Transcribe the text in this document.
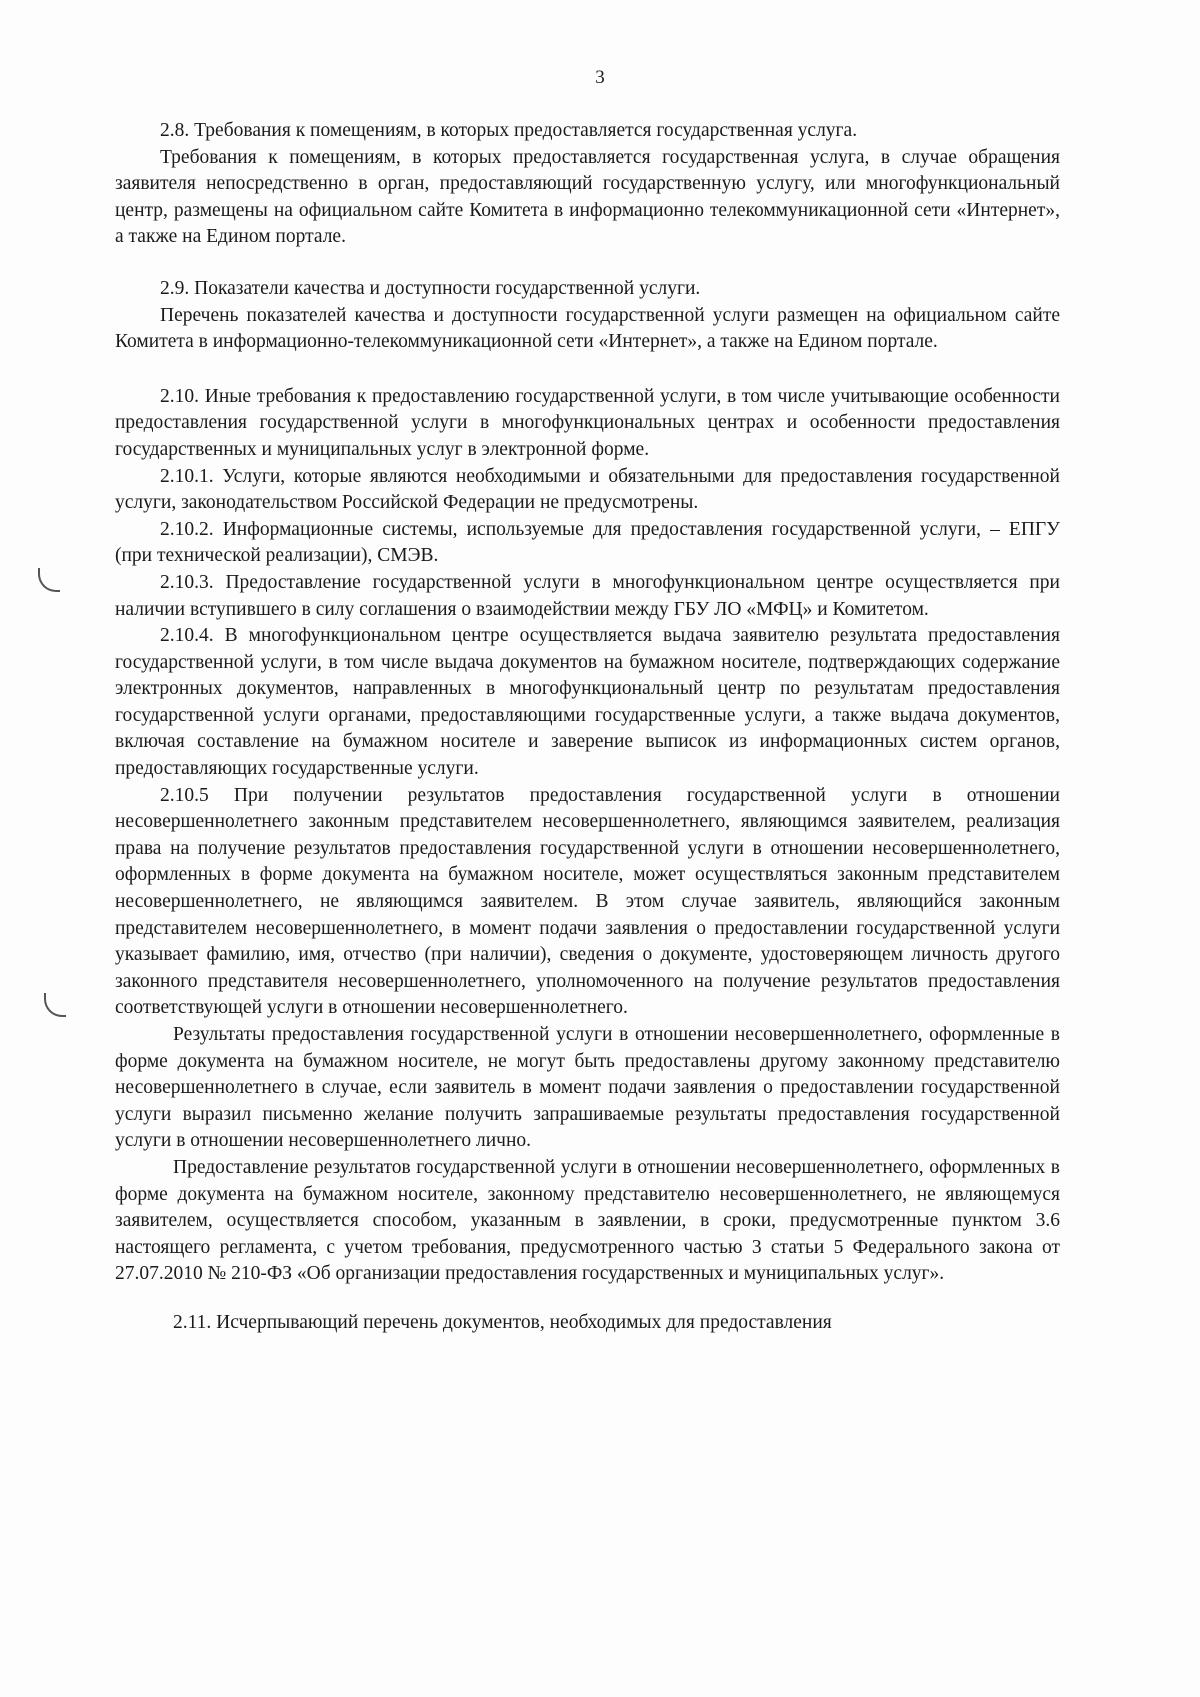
3

2.8. Требования к помещениям, в которых предоставляется государственная услуга.

Требования к помещениям, в которых предоставляется государственная услуга, в случае обращения заявителя непосредственно в орган, предоставляющий государственную услугу, или многофункциональный центр, размещены на официальном сайте Комитета в информационно телекоммуникационной сети «Интернет», а также на Едином портале.

2.9. Показатели качества и доступности государственной услуги.

Перечень показателей качества и доступности государственной услуги размещен на официальном сайте Комитета в информационно-телекоммуникационной сети «Интернет», а также на Едином портале.

2.10. Иные требования к предоставлению государственной услуги, в том числе учитывающие особенности предоставления государственной услуги в многофункциональных центрах и особенности предоставления государственных и муниципальных услуг в электронной форме.

2.10.1. Услуги, которые являются необходимыми и обязательными для предоставления государственной услуги, законодательством Российской Федерации не предусмотрены.

2.10.2. Информационные системы, используемые для предоставления государственной услуги, – ЕПГУ (при технической реализации), СМЭВ.

2.10.3. Предоставление государственной услуги в многофункциональном центре осуществляется при наличии вступившего в силу соглашения о взаимодействии между ГБУ ЛО «МФЦ» и Комитетом.

2.10.4. В многофункциональном центре осуществляется выдача заявителю результата предоставления государственной услуги, в том числе выдача документов на бумажном носителе, подтверждающих содержание электронных документов, направленных в многофункциональный центр по результатам предоставления государственной услуги органами, предоставляющими государственные услуги, а также выдача документов, включая составление на бумажном носителе и заверение выписок из информационных систем органов, предоставляющих государственные услуги.

2.10.5 При получении результатов предоставления государственной услуги в отношении несовершеннолетнего законным представителем несовершеннолетнего, являющимся заявителем, реализация права на получение результатов предоставления государственной услуги в отношении несовершеннолетнего, оформленных в форме документа на бумажном носителе, может осуществляться законным представителем несовершеннолетнего, не являющимся заявителем. В этом случае заявитель, являющийся законным представителем несовершеннолетнего, в момент подачи заявления о предоставлении государственной услуги указывает фамилию, имя, отчество (при наличии), сведения о документе, удостоверяющем личность другого законного представителя несовершеннолетнего, уполномоченного на получение результатов предоставления соответствующей услуги в отношении несовершеннолетнего.

Результаты предоставления государственной услуги в отношении несовершеннолетнего, оформленные в форме документа на бумажном носителе, не могут быть предоставлены другому законному представителю несовершеннолетнего в случае, если заявитель в момент подачи заявления о предоставлении государственной услуги выразил письменно желание получить запрашиваемые результаты предоставления государственной услуги в отношении несовершеннолетнего лично.

Предоставление результатов государственной услуги в отношении несовершеннолетнего, оформленных в форме документа на бумажном носителе, законному представителю несовершеннолетнего, не являющемуся заявителем, осуществляется способом, указанным в заявлении, в сроки, предусмотренные пунктом 3.6 настоящего регламента, с учетом требования, предусмотренного частью 3 статьи 5 Федерального закона от 27.07.2010 № 210-ФЗ «Об организации предоставления государственных и муниципальных услуг».

2.11. Исчерпывающий перечень документов, необходимых для предоставления
